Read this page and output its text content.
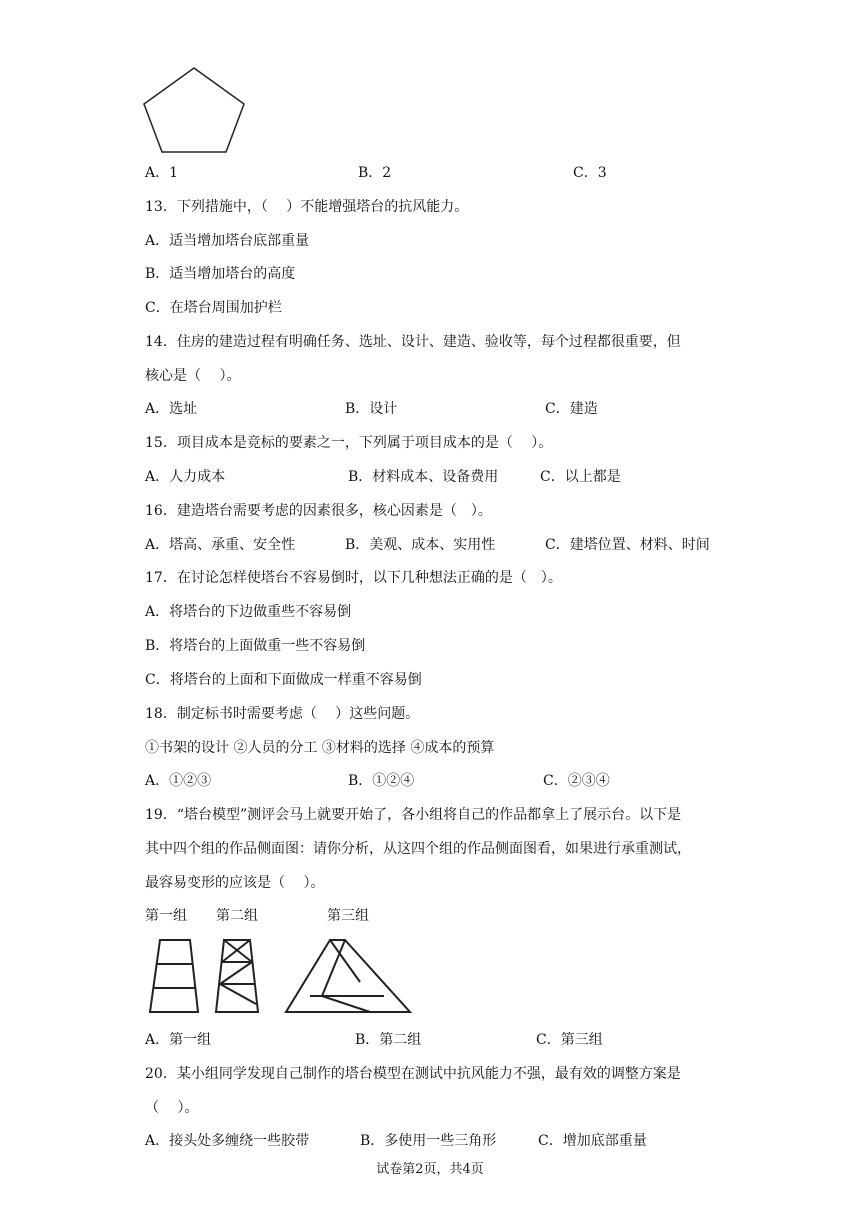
A．1	B．2	C．3
13．下列措施中，（　 ）不能增强塔台的抗风能力。
A．适当增加塔台底部重量
B．适当增加塔台的高度
C．在塔台周围加护栏
14．住房的建造过程有明确任务、选址、设计、建造、验收等，每个过程都很重要，但
核心是（　 ）。
A．选址	B．设计	C．建造
15．项目成本是竞标的要素之一，下列属于项目成本的是（　 ）。
A．人力成本	B．材料成本、设备费用	C．以上都是
16．建造塔台需要考虑的因素很多，核心因素是（　）。
A．塔高、承重、安全性	B．美观、成本、实用性	C．建塔位置、材料、时间
17．在讨论怎样使塔台不容易倒时，以下几种想法正确的是（　）。
A．将塔台的下边做重些不容易倒
B．将塔台的上面做重一些不容易倒
C．将塔台的上面和下面做成一样重不容易倒
18．制定标书时需要考虑（　 ）这些问题。
①书架的设计 ②人员的分工 ③材料的选择 ④成本的预算
A．①②③	B．①②④	C．②③④
19．“塔台模型”测评会马上就要开始了，各小组将自己的作品都拿上了展示台。以下是
其中四个组的作品侧面图：请你分析，从这四个组的作品侧面图看，如果进行承重测试，
最容易变形的应该是（　 ）。
第一组 第二组	第三组
A．第一组	B．第二组	C．第三组
20．某小组同学发现自己制作的塔台模型在测试中抗风能力不强，最有效的调整方案是
（　 ）。
A．接头处多缠绕一些胶带	B．多使用一些三角形	C．增加底部重量
试卷第2页，共4页
